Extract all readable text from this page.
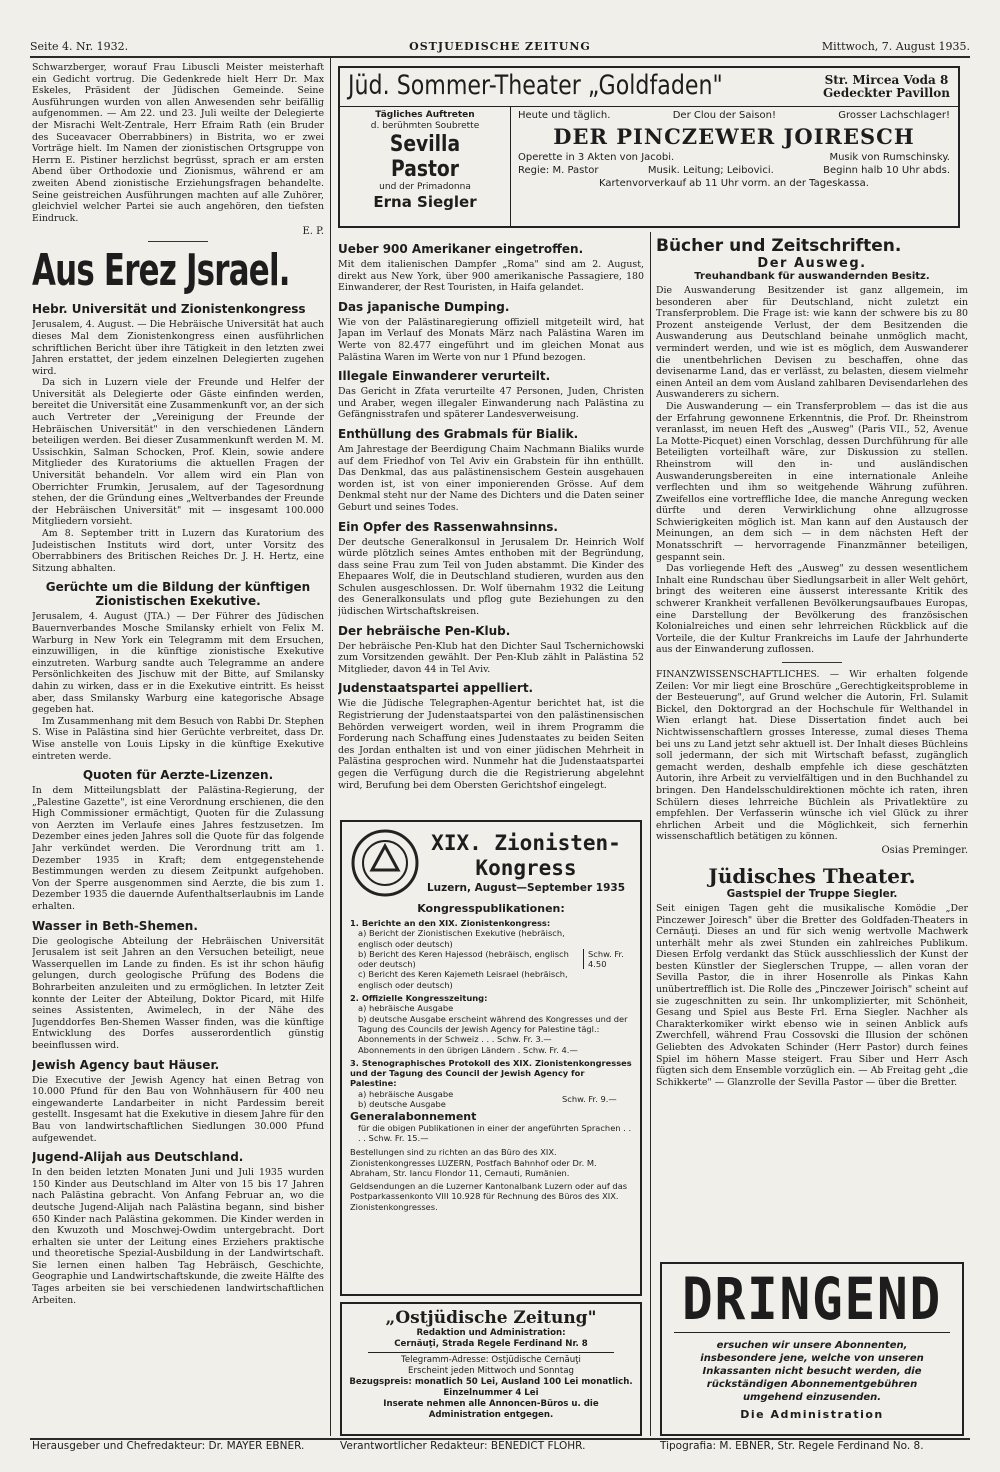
Seite 4. Nr. 1932.	OSTJUEDISCHE ZEITUNG	Mittwoch, 7. August 1935.

Schwarzberger, worauf Frau Libuscli Meister meisterhaft ein Gedicht vortrug. Die Gedenkrede hielt Herr Dr. Max Eskeles, Präsident der Jüdischen Gemeinde. Seine Ausführungen wurden von allen Anwesenden sehr beifällig aufgenommen. — Am 22. und 23. Juli weilte der Delegierte der Misrachi Welt-Zentrale, Herr Efraim Rath (ein Bruder des Suceavacer Oberrabbiners) in Bistrita, wo er zwei Vorträge hielt. Im Namen der zionistischen Ortsgruppe von Herrn E. Pistiner herzlichst begrüsst, sprach er am ersten Abend über Orthodoxie und Zionismus, während er am zweiten Abend zionistische Erziehungsfragen behandelte. Seine geistreichen Ausführungen machten auf alle Zuhörer, gleichviel welcher Partei sie auch angehören, den tiefsten Eindruck.

E. P.
Aus Erez Jsrael.
Hebr. Universität und Zionistenkongress

Jerusalem, 4. August. — Die Hebräische Universität hat auch dieses Mal dem Zionistenkongress einen ausführlichen schriftlichen Bericht über ihre Tätigkeit in den letzten zwei Jahren erstattet, der jedem einzelnen Delegierten zugehen wird.

Da sich in Luzern viele der Freunde und Helfer der Universität als Delegierte oder Gäste einfinden werden, bereitet die Universität eine Zusammenkunft vor, an der sich auch Vertreter der „Vereinigung der Freunde der Hebräischen Universität" in den verschiedenen Ländern beteiligen werden. Bei dieser Zusammenkunft werden M. M. Ussischkin, Salman Schocken, Prof. Klein, sowie andere Mitglieder des Kuratoriums die aktuellen Fragen der Universität behandeln. Vor allem wird ein Plan von Oberrichter Frumkin, Jerusalem, auf der Tagesordnung stehen, der die Gründung eines „Weltverbandes der Freunde der Hebräischen Universität" mit — insgesamt 100.000 Mitgliedern vorsieht.

Am 8. September tritt in Luzern das Kuratorium des Judeistischen Instituts wird dort, unter Vorsitz des Oberrabbiners des Britischen Reiches Dr. J. H. Hertz, eine Sitzung abhalten.

Gerüchte um die Bildung der künftigen Zionistischen Exekutive.

Jerusalem, 4. August (JTA.) — Der Führer des Jüdischen Bauernverbandes Mosche Smilansky erhielt von Felix M. Warburg in New York ein Telegramm mit dem Ersuchen, einzuwilligen, in die künftige zionistische Exekutive einzutreten. Warburg sandte auch Telegramme an andere Persönlichkeiten des Jischuw mit der Bitte, auf Smilansky dahin zu wirken, dass er in die Exekutive eintritt. Es heisst aber, dass Smilansky Warburg eine kategorische Absage gegeben hat.

Im Zusammenhang mit dem Besuch von Rabbi Dr. Stephen S. Wise in Palästina sind hier Gerüchte verbreitet, dass Dr. Wise anstelle von Louis Lipsky in die künftige Exekutive eintreten werde.

Quoten für Aerzte-Lizenzen.

In dem Mitteilungsblatt der Palästina-Regierung, der „Palestine Gazette", ist eine Verordnung erschienen, die den High Commissioner ermächtigt, Quoten für die Zulassung von Aerzten im Verlaufe eines Jahres festzusetzen. Im Dezember eines jeden Jahres soll die Quote für das folgende Jahr verkündet werden. Die Verordnung tritt am 1. Dezember 1935 in Kraft; dem entgegenstehende Bestimmungen werden zu diesem Zeitpunkt aufgehoben. Von der Sperre ausgenommen sind Aerzte, die bis zum 1. Dezember 1935 die dauernde Aufenthaltserlaubnis im Lande erhalten.

Wasser in Beth-Shemen.

Die geologische Abteilung der Hebräischen Universität Jerusalem ist seit Jahren an den Versuchen beteiligt, neue Wasserquellen im Lande zu finden. Es ist ihr schon häufig gelungen, durch geologische Prüfung des Bodens die Bohrarbeiten anzuleiten und zu ermöglichen. In letzter Zeit konnte der Leiter der Abteilung, Doktor Picard, mit Hilfe seines Assistenten, Awimelech, in der Nähe des Jugenddorfes Ben-Shemen Wasser finden, was die künftige Entwicklung des Dorfes ausserordentlich günstig beeinflussen wird.

Jewish Agency baut Häuser.

Die Executive der Jewish Agency hat einen Betrag von 10.000 Pfund für den Bau von Wohnhäusern für 400 neu eingewanderte Landarbeiter in nicht Pardessim bereit gestellt. Insgesamt hat die Exekutive in diesem Jahre für den Bau von landwirtschaftlichen Siedlungen 30.000 Pfund aufgewendet.

Jugend-Alijah aus Deutschland.

In den beiden letzten Monaten Juni und Juli 1935 wurden 150 Kinder aus Deutschland im Alter von 15 bis 17 Jahren nach Palästina gebracht. Von Anfang Februar an, wo die deutsche Jugend-Alijah nach Palästina begann, sind bisher 650 Kinder nach Palästina gekommen. Die Kinder werden in den Kwuzoth und Moschwej-Owdim untergebracht. Dort erhalten sie unter der Leitung eines Erziehers praktische und theoretische Spezial-Ausbildung in der Landwirtschaft. Sie lernen einen halben Tag Hebräisch, Geschichte, Geographie und Landwirtschaftskunde, die zweite Hälfte des Tages arbeiten sie bei verschiedenen landwirtschaftlichen Arbeiten.

Jüd. Sommer-Theater „Goldfaden"	Str. Mircea Voda 8
Gedeckter Pavillon
Tägliches Auftreten
d. berühmten Soubrette
Sevilla Pastor
und der Primadonna
Erna Siegler
Heute und täglich.	Der Clou der Saison!	Grosser Lachschlager!
DER PINCZEWER JOIRESCH
Operette in 3 Akten von Jacobi.	Musik von Rumschinsky.
Regie: M. Pastor	Musik. Leitung; Leibovici.	Beginn halb 10 Uhr abds.
Kartenvorverkauf ab 11 Uhr vorm. an der Tageskassa.
Ueber 900 Amerikaner eingetroffen.

Mit dem italienischen Dampfer „Roma" sind am 2. August, direkt aus New York, über 900 amerikanische Passagiere, 180 Einwanderer, der Rest Touristen, in Haifa gelandet.

Das japanische Dumping.

Wie von der Palästinaregierung offiziell mitgeteilt wird, hat Japan im Verlauf des Monats März nach Palästina Waren im Werte von 82.477 eingeführt und im gleichen Monat aus Palästina Waren im Werte von nur 1 Pfund bezogen.

Illegale Einwanderer verurteilt.

Das Gericht in Zfata verurteilte 47 Personen, Juden, Christen und Araber, wegen illegaler Einwanderung nach Palästina zu Gefängnisstrafen und späterer Landesverweisung.

Enthüllung des Grabmals für Bialik.

Am Jahrestage der Beerdigung Chaim Nachmann Bialiks wurde auf dem Friedhof von Tel Aviv ein Grabstein für ihn enthüllt. Das Denkmal, das aus palästinensischem Gestein ausgehauen worden ist, ist von einer imponierenden Grösse. Auf dem Denkmal steht nur der Name des Dichters und die Daten seiner Geburt und seines Todes.

Ein Opfer des Rassenwahnsinns.

Der deutsche Generalkonsul in Jerusalem Dr. Heinrich Wolf würde plötzlich seines Amtes enthoben mit der Begründung, dass seine Frau zum Teil von Juden abstammt. Die Kinder des Ehepaares Wolf, die in Deutschland studieren, wurden aus den Schulen ausgeschlossen. Dr. Wolf übernahm 1932 die Leitung des Generalkonsulats und pflog gute Beziehungen zu den jüdischen Wirtschaftskreisen.

Der hebräische Pen-Klub.

Der hebräische Pen-Klub hat den Dichter Saul Tschernichowski zum Vorsitzenden gewählt. Der Pen-Klub zählt in Palästina 52 Mitglieder, davon 44 in Tel Aviv.

Judenstaatspartei appelliert.

Wie die Jüdische Telegraphen-Agentur berichtet hat, ist die Registrierung der Judenstaatspartei von den palästinensischen Behörden verweigert worden, weil in ihrem Programm die Forderung nach Schaffung eines Judenstaates zu beiden Seiten des Jordan enthalten ist und von einer jüdischen Mehrheit in Palästina gesprochen wird. Nunmehr hat die Judenstaatspartei gegen die Verfügung durch die die Registrierung abgelehnt wird, Berufung bei dem Obersten Gerichtshof eingelegt.

XIX. Zionisten-
Kongress
Luzern, August—September 1935
Kongresspublikationen:
1. Berichte an den XIX. Zionistenkongress:
a) Bericht der Zionistischen Exekutive (hebräisch, englisch oder deutsch)
b) Bericht des Keren Hajessod (hebräisch, englisch oder deutsch)
c) Bericht des Keren Kajemeth Leisrael (hebräisch, englisch oder deutsch)
Schw. Fr. 4.50
2. Offizielle Kongresszeitung:
a) hebräische Ausgabe
b) deutsche Ausgabe erscheint während des Kongresses und der Tagung des Councils der Jewish Agency for Palestine tägl.:
Abonnements in der Schweiz . . . Schw. Fr. 3.—
Abonnements in den übrigen Ländern . Schw. Fr. 4.—
3. Stenographisches Protokoll des XIX. Zionistenkongresses und der Tagung des Council der Jewish Agency for Palestine:
a) hebräische Ausgabe
b) deutsche Ausgabe
Schw. Fr. 9.—
Generalabonnement
für die obigen Publikationen in einer der angeführten Sprachen . . . . Schw. Fr. 15.—
Bestellungen sind zu richten an das Büro des XIX. Zionistenkongresses LUZERN, Postfach Bahnhof oder Dr. M. Abraham, Str. Iancu Flondor 11, Cernauti, Rumänien.
Geldsendungen an die Luzerner Kantonalbank Luzern oder auf das Postparkassenkonto VIII 10.928 für Rechnung des Büros des XIX. Zionistenkongresses.
„Ostjüdische Zeitung"
Redaktion und Administration:
Cernăuţi, Strada Regele Ferdinand Nr. 8
Telegramm-Adresse: Ostjüdische Cernăuţi
Erscheint jeden Mittwoch und Sonntag
Bezugspreis: monatlich 50 Lei, Ausland 100 Lei monatlich. Einzelnummer 4 Lei
Inserate nehmen alle Annoncen-Büros u. die Administration entgegen.
Bücher und Zeitschriften.
Der Ausweg.
Treuhandbank für auswandernden Besitz.

Die Auswanderung Besitzender ist ganz allgemein, im besonderen aber für Deutschland, nicht zuletzt ein Transferproblem. Die Frage ist: wie kann der schwere bis zu 80 Prozent ansteigende Verlust, der dem Besitzenden die Auswanderung aus Deutschland beinahe unmöglich macht, vermindert werden, und wie ist es möglich, dem Auswanderer die unentbehrlichen Devisen zu beschaffen, ohne das devisenarme Land, das er verlässt, zu belasten, diesem vielmehr einen Anteil an dem vom Ausland zahlbaren Devisendarlehen des Auswanderers zu sichern.

Die Auswanderung — ein Transferproblem — das ist die aus der Erfahrung gewonnene Erkenntnis, die Prof. Dr. Rheinstrom veranlasst, im neuen Heft des „Ausweg" (Paris VII., 52, Avenue La Motte-Picquet) einen Vorschlag, dessen Durchführung für alle Beteiligten vorteilhaft wäre, zur Diskussion zu stellen. Rheinstrom will den in- und ausländischen Auswanderungsbereiten in eine internationale Anleihe verflechten und ihm so weitgehende Währung zuführen. Zweifellos eine vortreffliche Idee, die manche Anregung wecken dürfte und deren Verwirklichung ohne allzugrosse Schwierigkeiten möglich ist. Man kann auf den Austausch der Meinungen, an dem sich — in dem nächsten Heft der Monatsschrift — hervorragende Finanzmänner beteiligen, gespannt sein.

Das vorliegende Heft des „Ausweg" zu dessen wesentlichem Inhalt eine Rundschau über Siedlungsarbeit in aller Welt gehört, bringt des weiteren eine äusserst interessante Kritik des schwerer Krankheit verfallenen Bevölkerungsaufbaues Europas, eine Darstellung der Bevölkerung des französischen Kolonialreiches und einen sehr lehrreichen Rückblick auf die Vorteile, die der Kultur Frankreichs im Laufe der Jahrhunderte aus der Einwanderung zuflossen.

FINANZWISSENSCHAFTLICHES. — Wir erhalten folgende Zeilen: Vor mir liegt eine Broschüre „Gerechtigkeitsprobleme in der Besteuerung", auf Grund welcher die Autorin, Frl. Sulamit Bickel, den Doktorgrad an der Hochschule für Welthandel in Wien erlangt hat. Diese Dissertation findet auch bei Nichtwissenschaftlern grosses Interesse, zumal dieses Thema bei uns zu Land jetzt sehr aktuell ist. Der Inhalt dieses Büchleins soll jedermann, der sich mit Wirtschaft befasst, zugänglich gemacht werden, deshalb empfehle ich diese geschätzten Autorin, ihre Arbeit zu vervielfältigen und in den Buchhandel zu bringen. Den Handelsschuldirektionen möchte ich raten, ihren Schülern dieses lehrreiche Büchlein als Privatlektüre zu empfehlen. Der Verfasserin wünsche ich viel Glück zu ihrer ehrlichen Arbeit und die Möglichkeit, sich fernerhin wissenschaftlich betätigen zu können.

Osias Preminger.
Jüdisches Theater.
Gastspiel der Truppe Siegler.

Seit einigen Tagen geht die musikalische Komödie „Der Pinczewer Joiresch" über die Bretter des Goldfaden-Theaters in Cernăuţi. Dieses an und für sich wenig wertvolle Machwerk unterhält mehr als zwei Stunden ein zahlreiches Publikum. Diesen Erfolg verdankt das Stück ausschliesslich der Kunst der besten Künstler der Sieglerschen Truppe, — allen voran der Sevilla Pastor, die in ihrer Hosenrolle als Pinkas Kahn unübertrefflich ist. Die Rolle des „Pinczewer Joirisch" scheint auf sie zugeschnitten zu sein. Ihr unkomplizierter, mit Schönheit, Gesang und Spiel aus Beste Frl. Erna Siegler. Nachher als Charakterkomiker wirkt ebenso wie in seinen Anblick aufs Zwerchfell, während Frau Cossovski die Illusion der schönen Geliebten des Advokaten Schinder (Herr Pastor) durch feines Spiel im höhern Masse steigert. Frau Siber und Herr Asch fügten sich dem Ensemble vorzüglich ein. — Ab Freitag geht „die Schikkerte" — Glanzrolle der Sevilla Pastor — über die Bretter.

DRINGEND
ersuchen wir unsere Abonnenten, insbesondere jene, welche von unseren Inkassanten nicht besucht werden, die rückständigen Abonnementgebühren umgehend einzusenden.
Die Administration
Herausgeber und Chefredakteur: Dr. MAYER EBNER.	Verantwortlicher Redakteur: BENEDICT FLOHR.	Tipografia: M. EBNER, Str. Regele Ferdinand No. 8.
